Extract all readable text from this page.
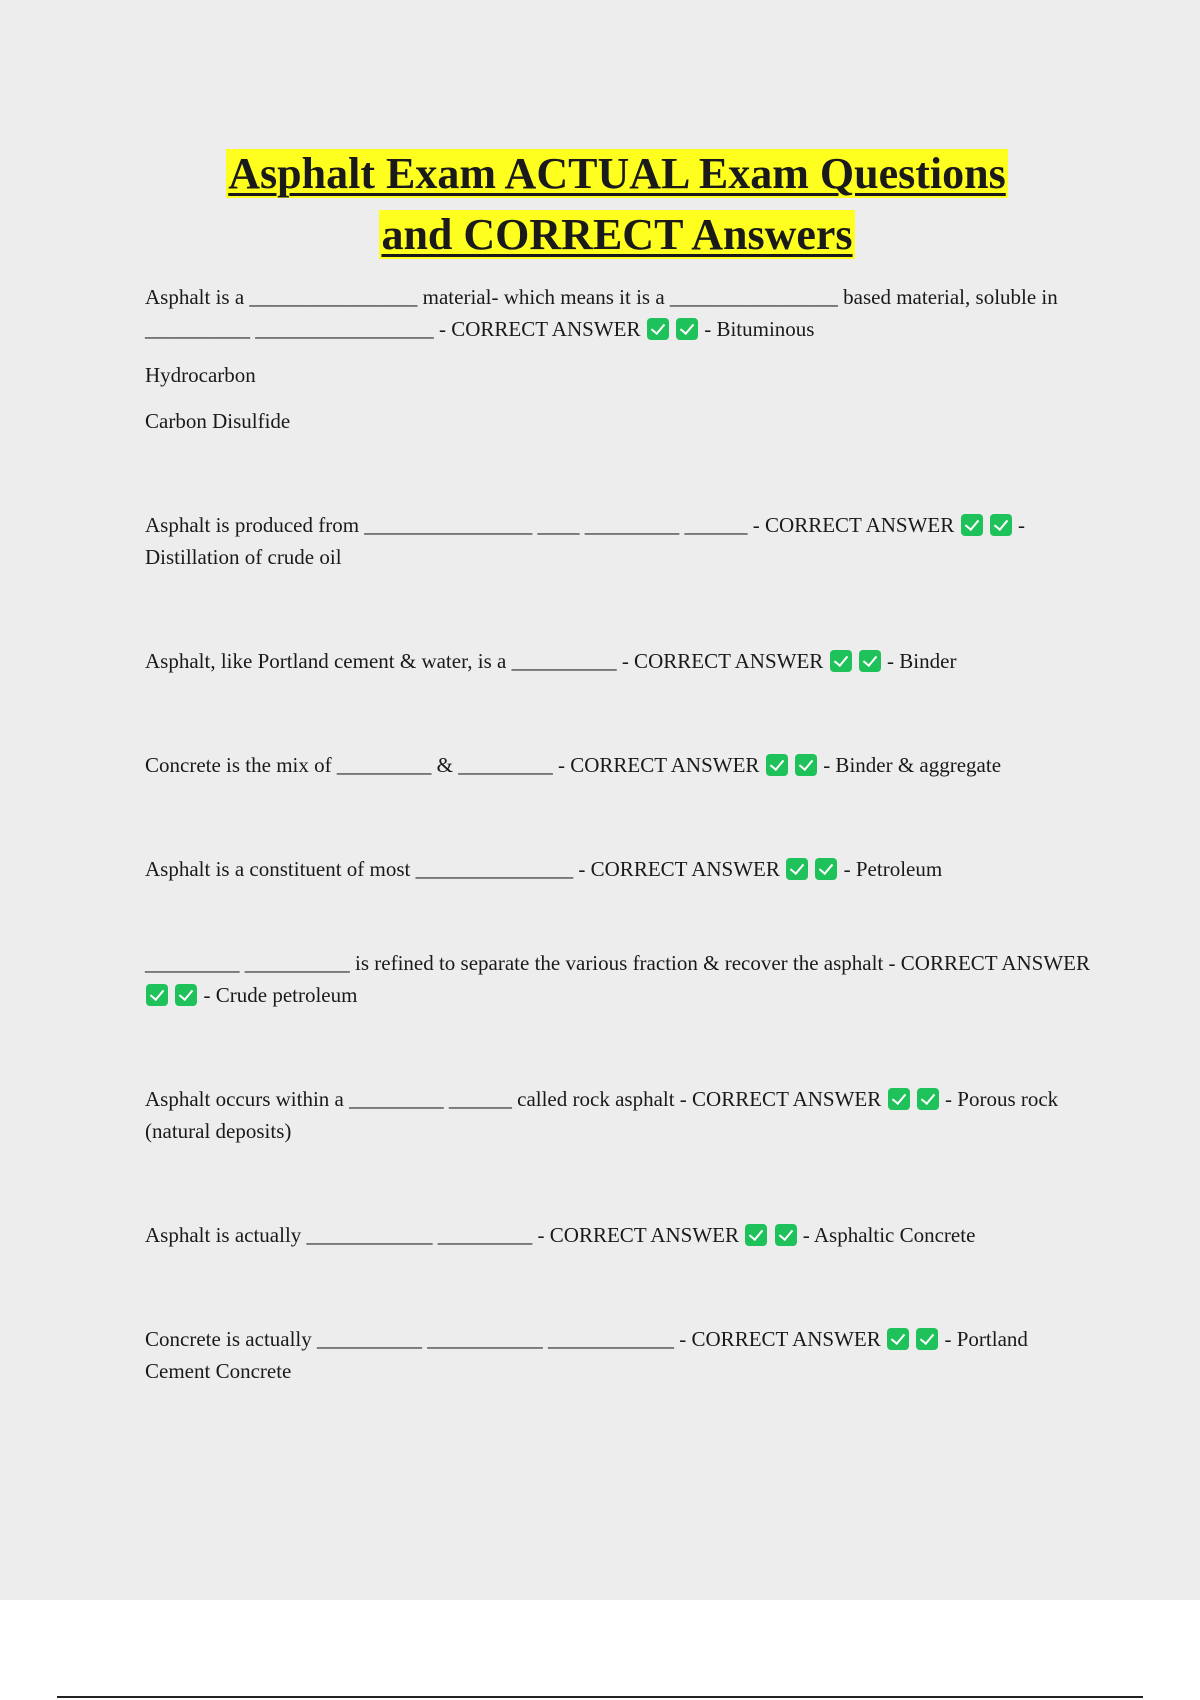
Asphalt Exam ACTUAL Exam Questions
and CORRECT Answers

Asphalt is a ________________ material- which means it is a ________________ based material, soluble in __________ _________________ - CORRECT ANSWER	- Bituminous

Hydrocarbon

Carbon Disulfide

Asphalt is produced from ________________ ____ _________ ______ - CORRECT ANSWER	- Distillation of crude oil

Asphalt, like Portland cement & water, is a __________ - CORRECT ANSWER	- Binder

Concrete is the mix of _________ & _________ - CORRECT ANSWER	- Binder & aggregate

Asphalt is a constituent of most _______________ - CORRECT ANSWER	- Petroleum

_________ __________ is refined to separate the various fraction & recover the asphalt - CORRECT ANSWER   - Crude petroleum

Asphalt occurs within a _________ ______ called rock asphalt - CORRECT ANSWER	- Porous rock (natural deposits)

Asphalt is actually ____________ _________ - CORRECT ANSWER	- Asphaltic Concrete

Concrete is actually __________ ___________ ____________ - CORRECT ANSWER	- Portland Cement Concrete
